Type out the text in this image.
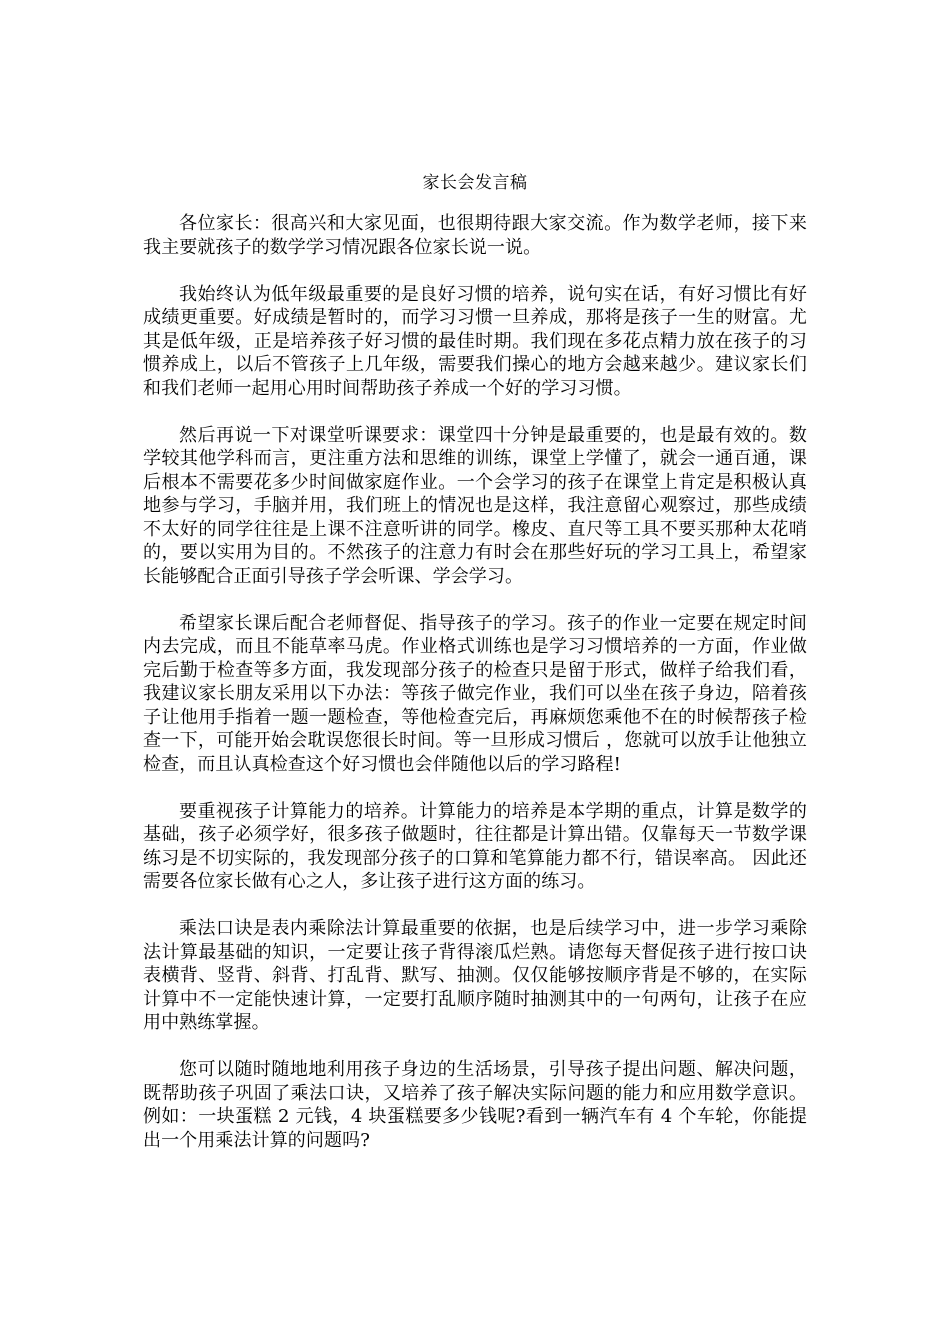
家长会发言稿

各位家长：很高兴和大家见面，也很期待跟大家交流。作为数学老师，接下来我主要就孩子的数学学习情况跟各位家长说一说。

我始终认为低年级最重要的是良好习惯的培养，说句实在话，有好习惯比有好成绩更重要。好成绩是暂时的，而学习习惯一旦养成，那将是孩子一生的财富。尤其是低年级，正是培养孩子好习惯的最佳时期。我们现在多花点精力放在孩子的习惯养成上，以后不管孩子上几年级，需要我们操心的地方会越来越少。建议家长们和我们老师一起用心用时间帮助孩子养成一个好的学习习惯。

然后再说一下对课堂听课要求：课堂四十分钟是最重要的，也是最有效的。数学较其他学科而言，更注重方法和思维的训练，课堂上学懂了，就会一通百通，课后根本不需要花多少时间做家庭作业。一个会学习的孩子在课堂上肯定是积极认真地参与学习，手脑并用，我们班上的情况也是这样，我注意留心观察过，那些成绩不太好的同学往往是上课不注意听讲的同学。橡皮、直尺等工具不要买那种太花哨的，要以实用为目的。不然孩子的注意力有时会在那些好玩的学习工具上，希望家长能够配合正面引导孩子学会听课、学会学习。

希望家长课后配合老师督促、指导孩子的学习。孩子的作业一定要在规定时间内去完成，而且不能草率马虎。作业格式训练也是学习习惯培养的一方面，作业做完后勤于检查等多方面，我发现部分孩子的检查只是留于形式，做样子给我们看，我建议家长朋友采用以下办法：等孩子做完作业，我们可以坐在孩子身边，陪着孩子让他用手指着一题一题检查，等他检查完后，再麻烦您乘他不在的时候帮孩子检查一下，可能开始会耽误您很长时间。等一旦形成习惯后 ，您就可以放手让他独立检查，而且认真检查这个好习惯也会伴随他以后的学习路程!

要重视孩子计算能力的培养。计算能力的培养是本学期的重点，计算是数学的基础，孩子必须学好，很多孩子做题时，往往都是计算出错。仅靠每天一节数学课练习是不切实际的，我发现部分孩子的口算和笔算能力都不行，错误率高。 因此还需要各位家长做有心之人，多让孩子进行这方面的练习。

乘法口诀是表内乘除法计算最重要的依据，也是后续学习中，进一步学习乘除法计算最基础的知识，一定要让孩子背得滚瓜烂熟。请您每天督促孩子进行按口诀表横背、竖背、斜背、打乱背、默写、抽测。仅仅能够按顺序背是不够的，在实际计算中不一定能快速计算，一定要打乱顺序随时抽测其中的一句两句，让孩子在应用中熟练掌握。

您可以随时随地地利用孩子身边的生活场景，引导孩子提出问题、解决问题，既帮助孩子巩固了乘法口诀，又培养了孩子解决实际问题的能力和应用数学意识。例如：一块蛋糕 2 元钱，4 块蛋糕要多少钱呢?看到一辆汽车有 4 个车轮，你能提出一个用乘法计算的问题吗?
